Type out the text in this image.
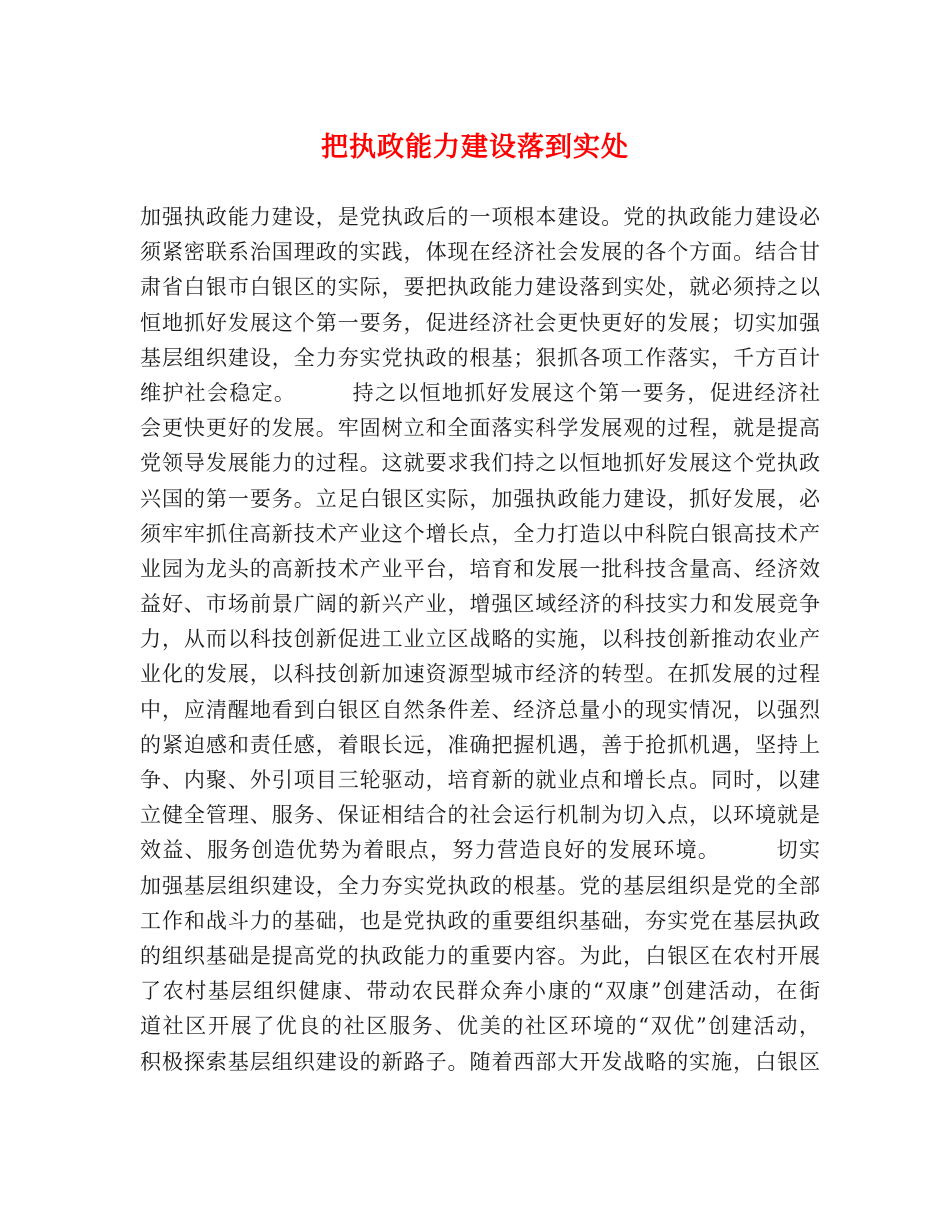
把执政能力建设落到实处
加强执政能力建设，是党执政后的一项根本建设。党的执政能力建设必
须紧密联系治国理政的实践，体现在经济社会发展的各个方面。结合甘
肃省白银市白银区的实际，要把执政能力建设落到实处，就必须持之以
恒地抓好发展这个第一要务，促进经济社会更快更好的发展；切实加强
基层组织建设，全力夯实党执政的根基；狠抓各项工作落实，千方百计
维护社会稳定。　　　持之以恒地抓好发展这个第一要务，促进经济社
会更快更好的发展。牢固树立和全面落实科学发展观的过程，就是提高
党领导发展能力的过程。这就要求我们持之以恒地抓好发展这个党执政
兴国的第一要务。立足白银区实际，加强执政能力建设，抓好发展，必
须牢牢抓住高新技术产业这个增长点，全力打造以中科院白银高技术产
业园为龙头的高新技术产业平台，培育和发展一批科技含量高、经济效
益好、市场前景广阔的新兴产业，增强区域经济的科技实力和发展竞争
力，从而以科技创新促进工业立区战略的实施，以科技创新推动农业产
业化的发展，以科技创新加速资源型城市经济的转型。在抓发展的过程
中，应清醒地看到白银区自然条件差、经济总量小的现实情况，以强烈
的紧迫感和责任感，着眼长远，准确把握机遇，善于抢抓机遇，坚持上
争、内聚、外引项目三轮驱动，培育新的就业点和增长点。同时，以建
立健全管理、服务、保证相结合的社会运行机制为切入点，以环境就是
效益、服务创造优势为着眼点，努力营造良好的发展环境。　　　切实
加强基层组织建设，全力夯实党执政的根基。党的基层组织是党的全部
工作和战斗力的基础，也是党执政的重要组织基础，夯实党在基层执政
的组织基础是提高党的执政能力的重要内容。为此，白银区在农村开展
了农村基层组织健康、带动农民群众奔小康的“双康”创建活动，在街
道社区开展了优良的社区服务、优美的社区环境的“双优”创建活动，
积极探索基层组织建设的新路子。随着西部大开发战略的实施，白银区
